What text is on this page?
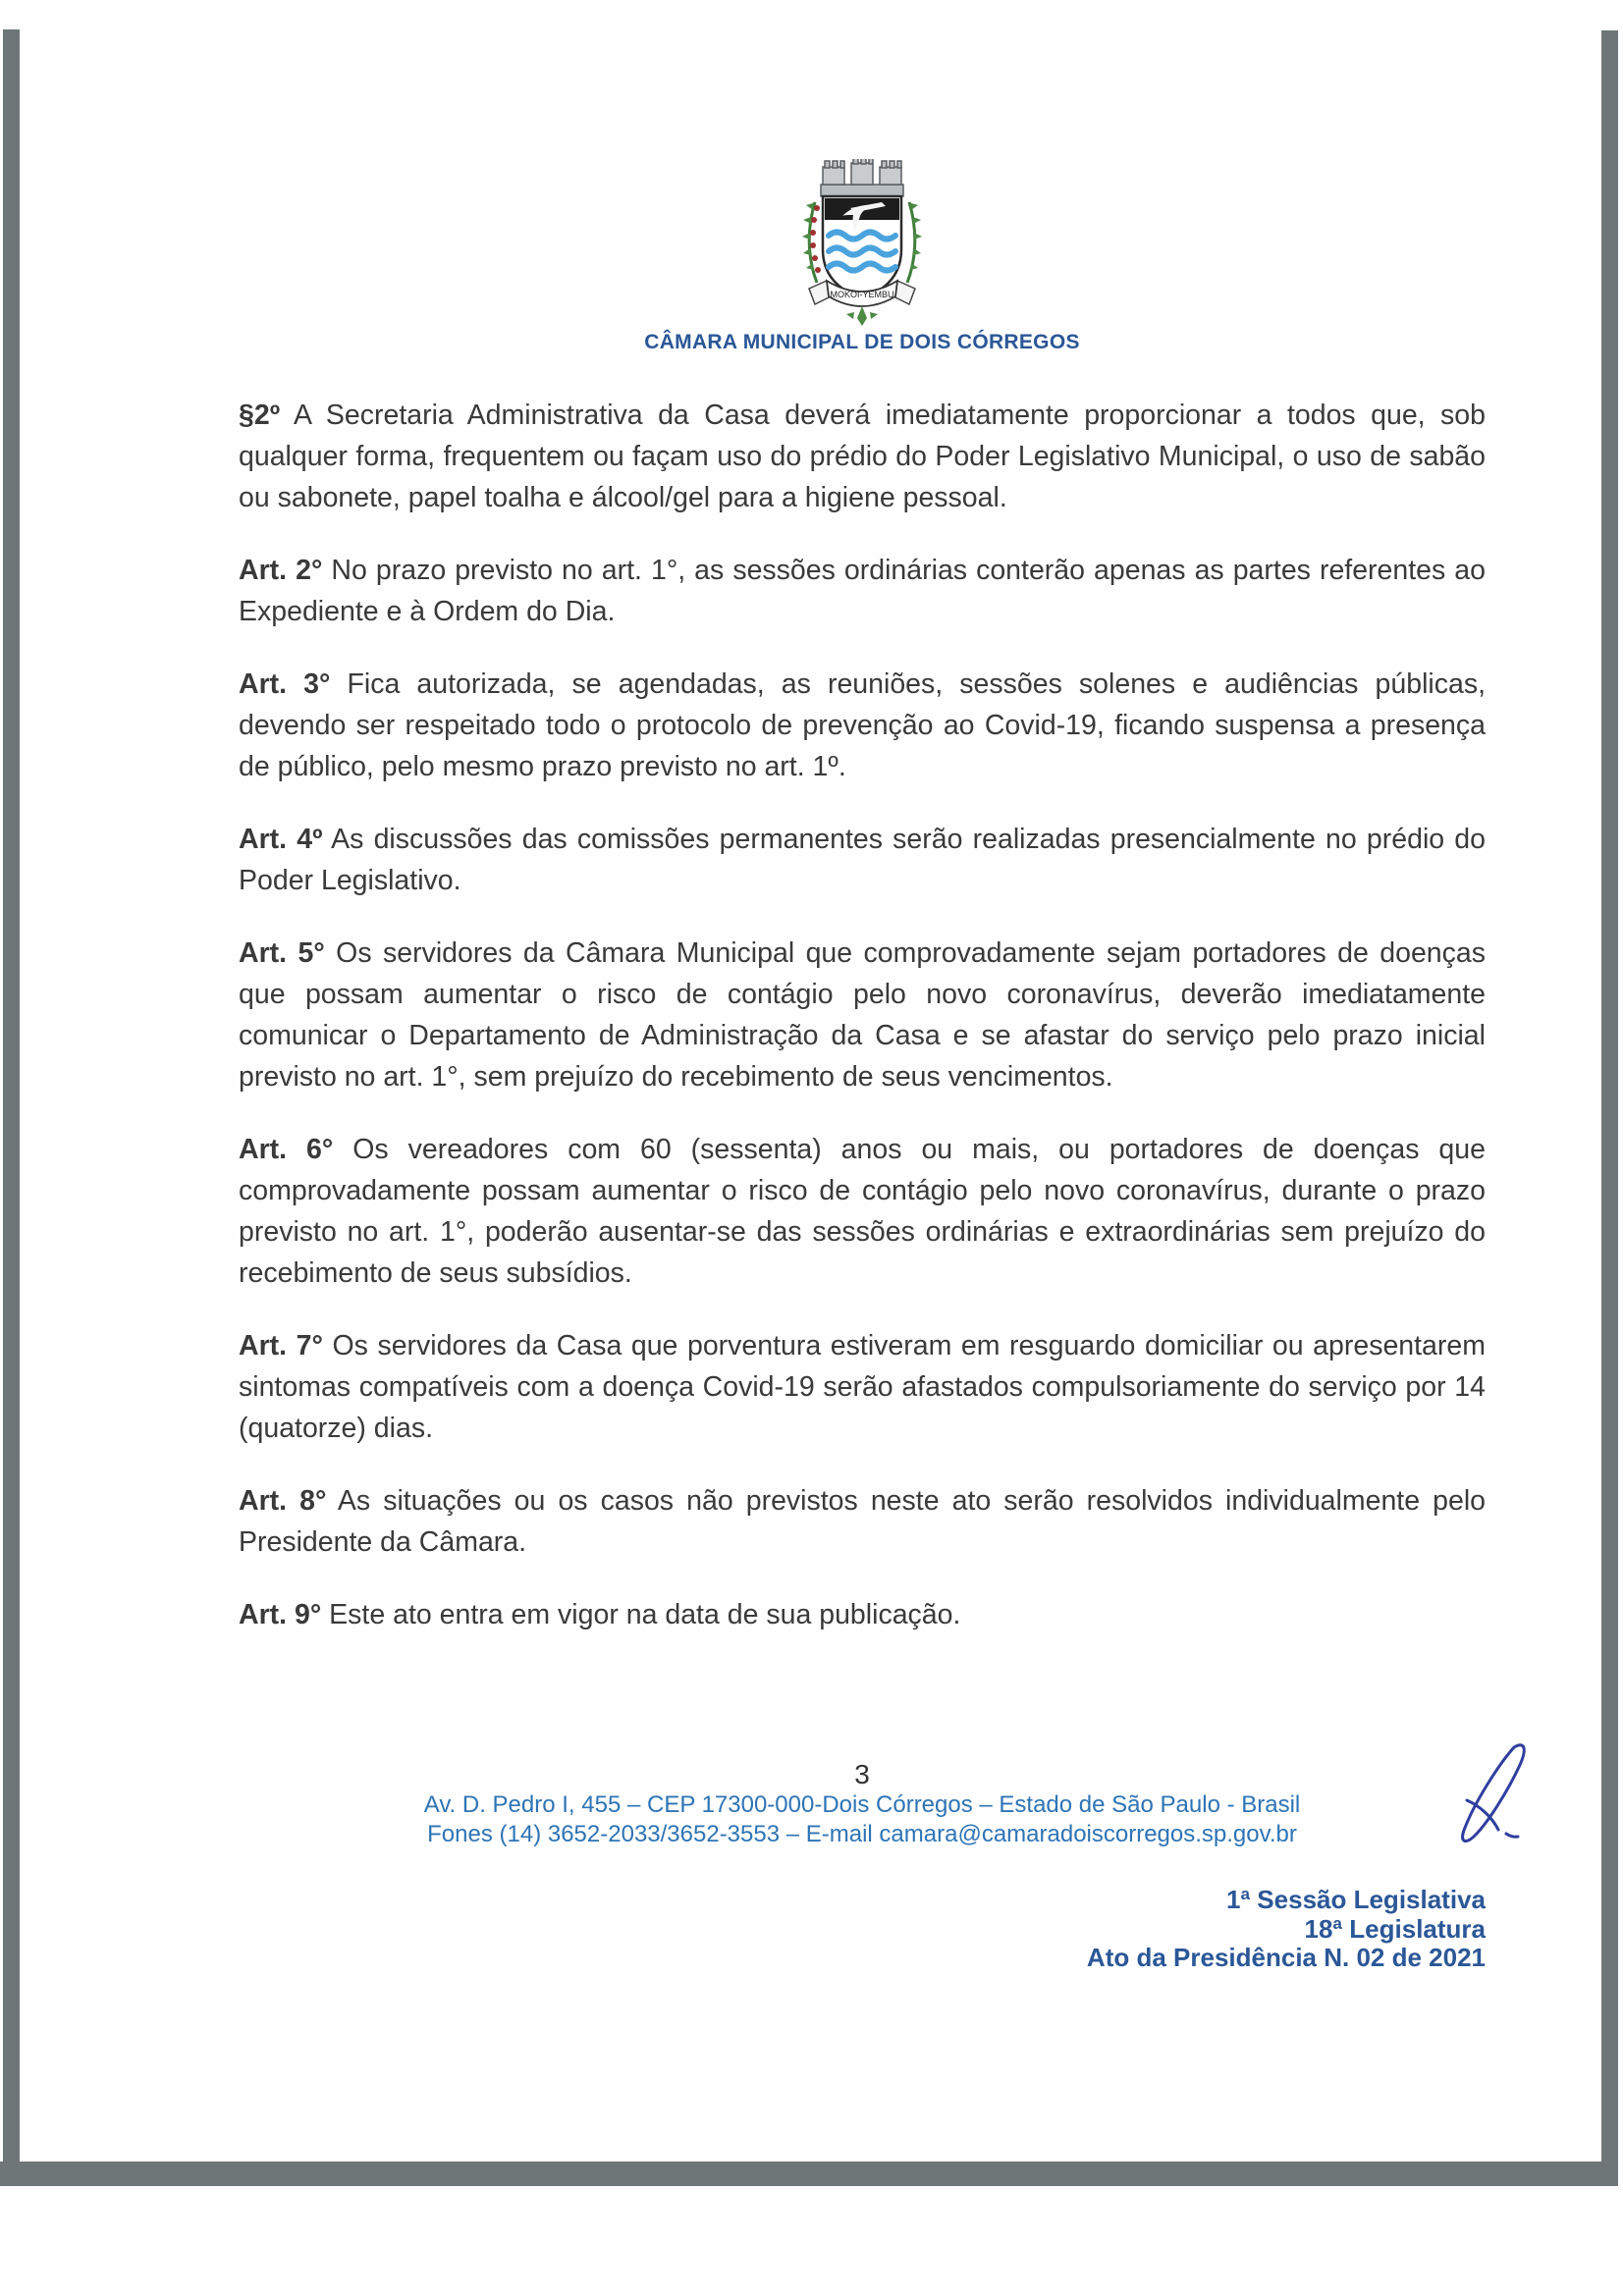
MOKOI-YEMBU
CÂMARA MUNICIPAL DE DOIS CÓRREGOS

§2º A Secretaria Administrativa da Casa deverá imediatamente proporcionar a todos que, sob qualquer forma, frequentem ou façam uso do prédio do Poder Legislativo Municipal, o uso de sabão ou sabonete, papel toalha e álcool/gel para a higiene pessoal.

Art. 2° No prazo previsto no art. 1°, as sessões ordinárias conterão apenas as partes referentes ao Expediente e à Ordem do Dia.

Art. 3° Fica autorizada, se agendadas, as reuniões, sessões solenes e audiências públicas, devendo ser respeitado todo o protocolo de prevenção ao Covid-19, ficando suspensa a presença de público, pelo mesmo prazo previsto no art. 1º.

Art. 4º As discussões das comissões permanentes serão realizadas presencialmente no prédio do Poder Legislativo.

Art. 5° Os servidores da Câmara Municipal que comprovadamente sejam portadores de doenças que possam aumentar o risco de contágio pelo novo coronavírus, deverão imediatamente comunicar o Departamento de Administração da Casa e se afastar do serviço pelo prazo inicial previsto no art. 1°, sem prejuízo do recebimento de seus vencimentos.

Art. 6° Os vereadores com 60 (sessenta) anos ou mais, ou portadores de doenças que comprovadamente possam aumentar o risco de contágio pelo novo coronavírus, durante o prazo previsto no art. 1°, poderão ausentar-se das sessões ordinárias e extraordinárias sem prejuízo do recebimento de seus subsídios.

Art. 7° Os servidores da Casa que porventura estiveram em resguardo domiciliar ou apresentarem sintomas compatíveis com a doença Covid-19 serão afastados compulsoriamente do serviço por 14 (quatorze) dias.

Art. 8° As situações ou os casos não previstos neste ato serão resolvidos individualmente pelo Presidente da Câmara.

Art. 9° Este ato entra em vigor na data de sua publicação.

3
Av. D. Pedro I, 455 – CEP 17300-000-Dois Córregos – Estado de São Paulo - Brasil
Fones (14) 3652-2033/3652-3553 – E-mail camara@camaradoiscorregos.sp.gov.br
1ª Sessão Legislativa
18ª Legislatura
Ato da Presidência N. 02 de 2021
